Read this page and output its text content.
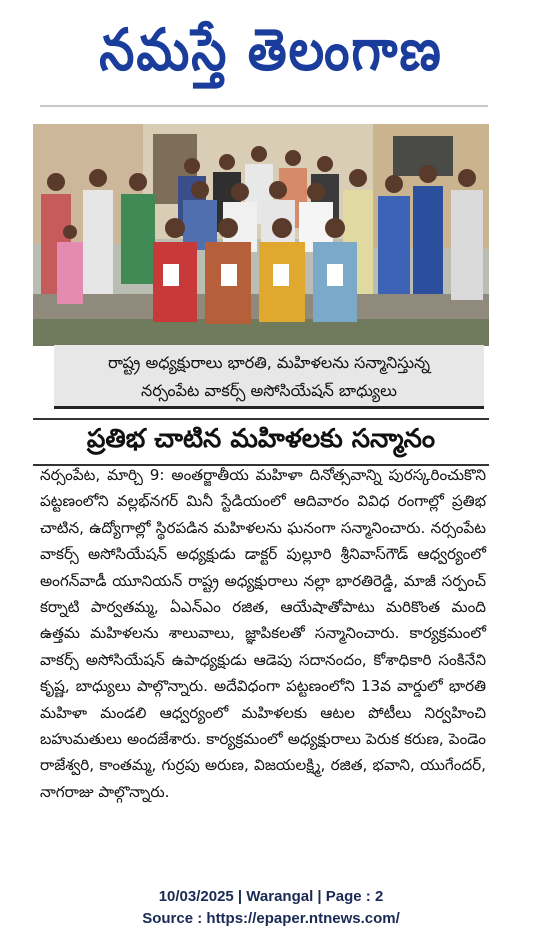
నమస్తే తెలంగాణ
రాష్ట్ర అధ్యక్షురాలు భారతి, మహిళలను సన్మానిస్తున్న
నర్సంపేట వాకర్స్ అసోసియేషన్ బాధ్యులు
ప్రతిభ చాటిన మహిళలకు సన్మానం

నర్సంపేట, మార్చి 9: అంతర్జాతీయ మహిళా దినోత్సవాన్ని పురస్కరించుకొని పట్టణంలోని వల్లభ్‌నగర్ మినీ స్టేడియంలో ఆదివారం వివిధ రంగాల్లో ప్రతిభ చాటిన, ఉద్యోగాల్లో స్థిరపడిన మహిళలను ఘనంగా సన్మానించారు. నర్సంపేట వాకర్స్ అసోసియేషన్ అధ్యక్షుడు డాక్టర్ పుల్లూరి శ్రీనివాస్‌గౌడ్ ఆధ్వర్యంలో అంగన్‌వాడీ యూనియన్ రాష్ట్ర అధ్యక్షురాలు నల్లా భారతిరెడ్డి, మాజీ సర్పంచ్ కర్నాటి పార్వతమ్మ, ఏఎన్‌ఎం రజిత, ఆయేషాతోపాటు మరికొంత మంది ఉత్తమ మహిళలను శాలువాలు, జ్ఞాపికలతో సన్మానించారు. కార్యక్రమంలో వాకర్స్ అసోసియేషన్ ఉపాధ్యక్షుడు ఆడెపు సదానందం, కోశాధికారి సంకినేని కృష్ణ, బాధ్యులు పాల్గొన్నారు. అదేవిధంగా పట్టణంలోని 13వ వార్డులో భారతి మహిళా మండలి ఆధ్వర్యంలో మహిళలకు ఆటల పోటీలు నిర్వహించి బహుమతులు అందజేశారు. కార్యక్రమంలో అధ్యక్షురాలు పెరుక కరుణ, పెండెం రాజేశ్వరి, కాంతమ్మ, గుర్రపు అరుణ, విజయలక్ష్మి, రజిత, భవాని, యుగేందర్, నాగరాజు పాల్గొన్నారు.

10/03/2025 | Warangal | Page : 2
Source : https://epaper.ntnews.com/
